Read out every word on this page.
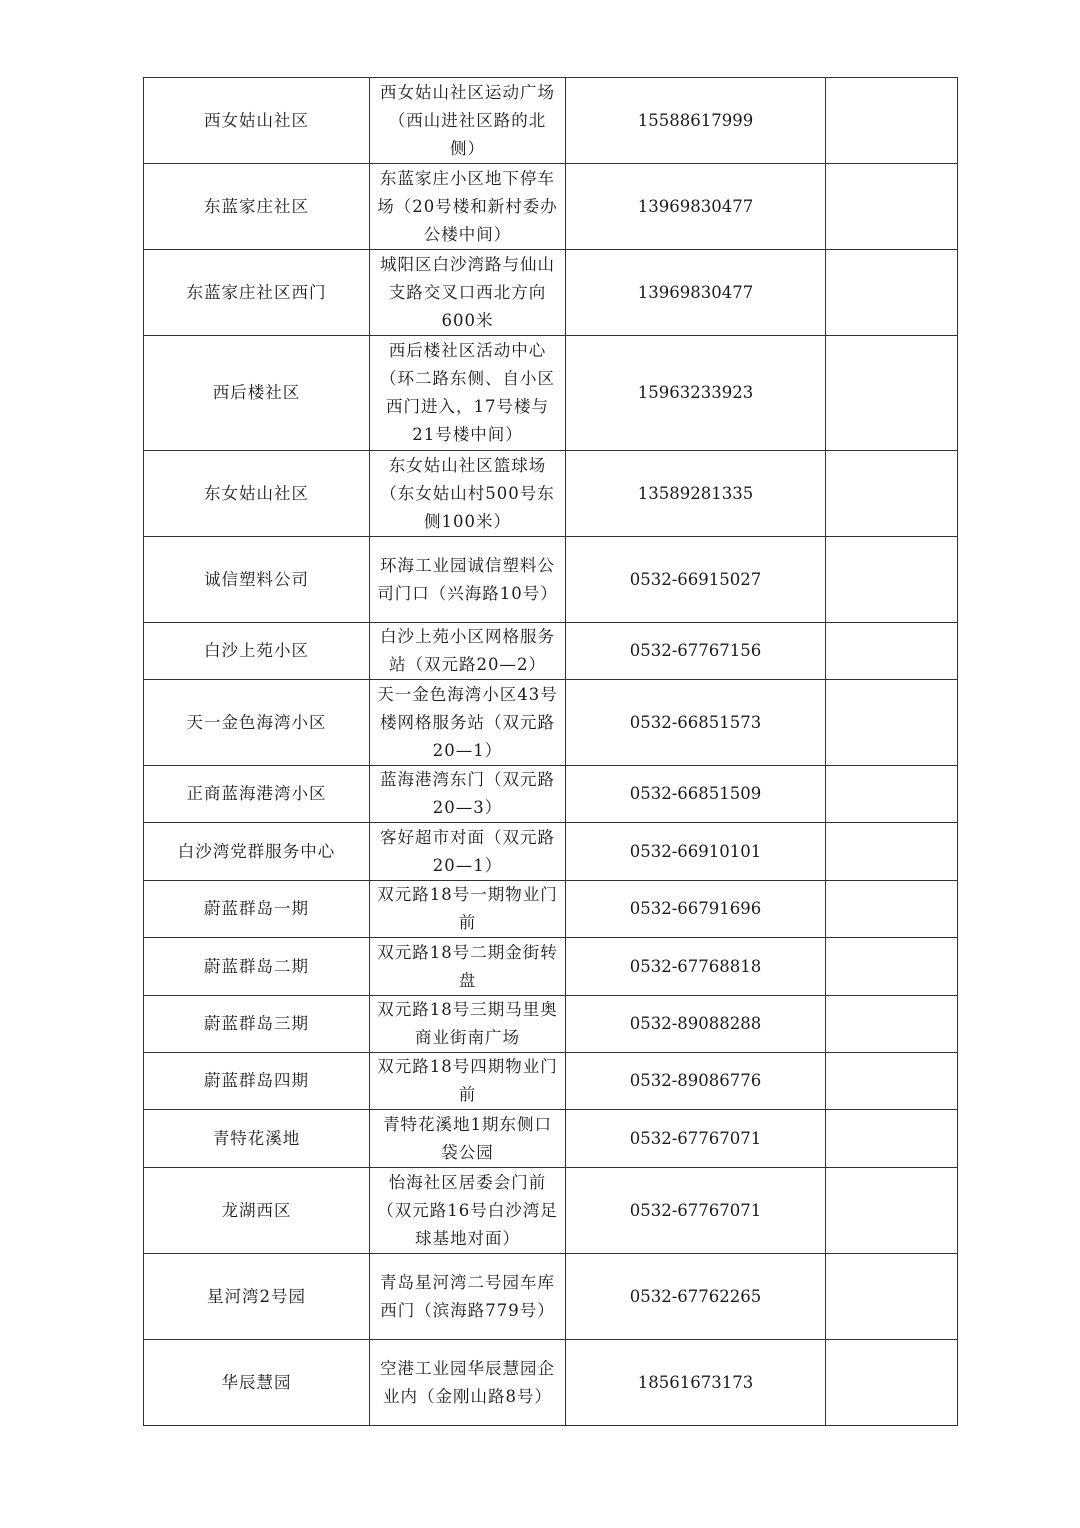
西女姑山社区	西女姑山社区运动广场（西山进社区路的北侧）	15588617999	
东蓝家庄社区	东蓝家庄小区地下停车场（20号楼和新村委办公楼中间）	13969830477	
东蓝家庄社区西门	城阳区白沙湾路与仙山支路交叉口西北方向600米	13969830477	
西后楼社区	西后楼社区活动中心（环二路东侧、自小区西门进入，17号楼与21号楼中间）	15963233923	
东女姑山社区	东女姑山社区篮球场（东女姑山村500号东侧100米）	13589281335	
诚信塑料公司	环海工业园诚信塑料公司门口（兴海路10号）	0532-66915027	
白沙上苑小区	白沙上苑小区网格服务站（双元路20—2）	0532-67767156	
天一金色海湾小区	天一金色海湾小区43号楼网格服务站（双元路20—1）	0532-66851573	
正商蓝海港湾小区	蓝海港湾东门（双元路20—3）	0532-66851509	
白沙湾党群服务中心	客好超市对面（双元路20—1）	0532-66910101	
蔚蓝群岛一期	双元路18号一期物业门前	0532-66791696	
蔚蓝群岛二期	双元路18号二期金街转盘	0532-67768818	
蔚蓝群岛三期	双元路18号三期马里奥商业街南广场	0532-89088288	
蔚蓝群岛四期	双元路18号四期物业门前	0532-89086776	
青特花溪地	青特花溪地1期东侧口袋公园	0532-67767071	
龙湖西区	怡海社区居委会门前（双元路16号白沙湾足球基地对面）	0532-67767071	
星河湾2号园	青岛星河湾二号园车库西门（滨海路779号）	0532-67762265	
华辰慧园	空港工业园华辰慧园企业内（金刚山路8号）	18561673173	
